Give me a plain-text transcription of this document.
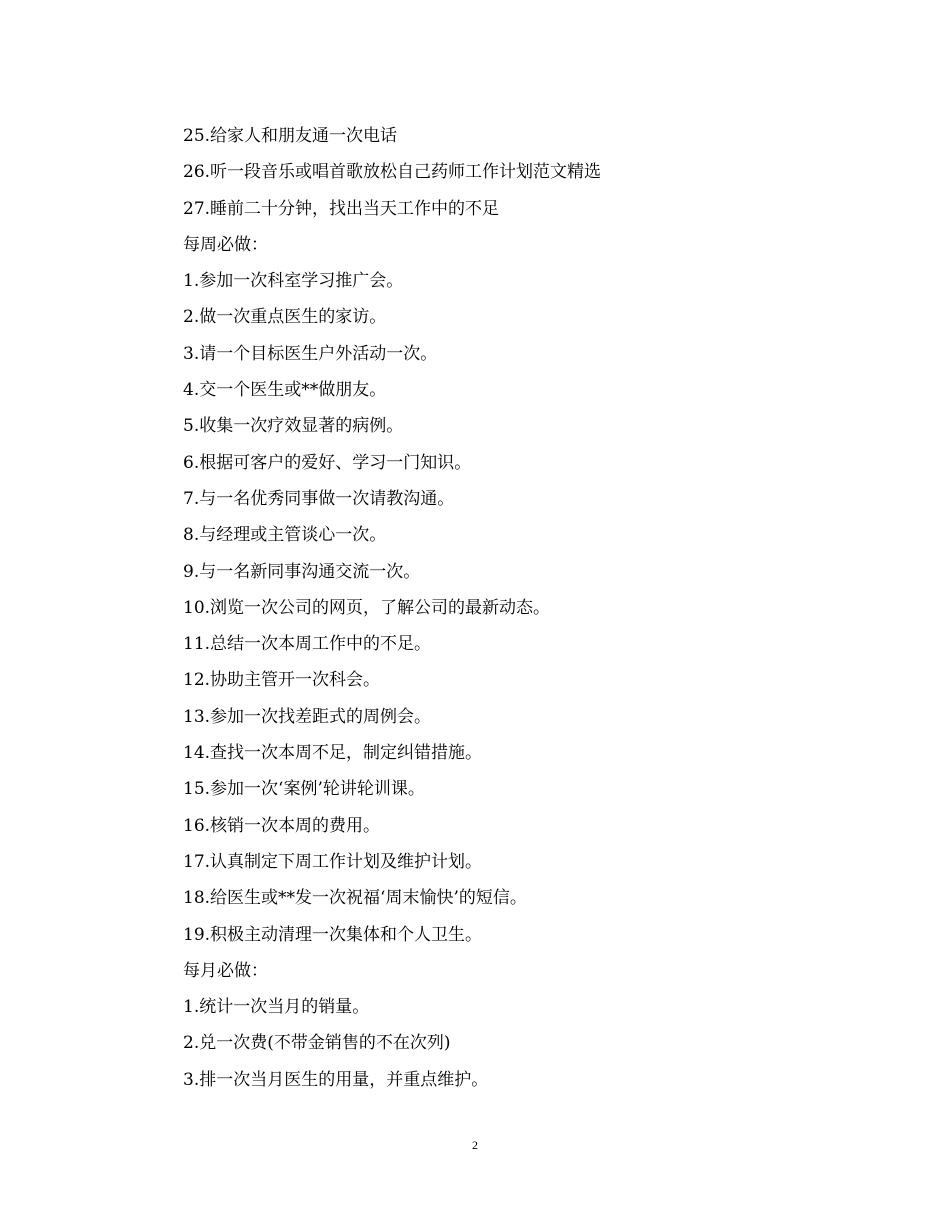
25.给家人和朋友通一次电话
26.听一段音乐或唱首歌放松自己药师工作计划范文精选
27.睡前二十分钟，找出当天工作中的不足
每周必做：
1.参加一次科室学习推广会。
2.做一次重点医生的家访。
3.请一个目标医生户外活动一次。
4.交一个医生或**做朋友。
5.收集一次疗效显著的病例。
6.根据可客户的爱好、学习一门知识。
7.与一名优秀同事做一次请教沟通。
8.与经理或主管谈心一次。
9.与一名新同事沟通交流一次。
10.浏览一次公司的网页，了解公司的最新动态。
11.总结一次本周工作中的不足。
12.协助主管开一次科会。
13.参加一次找差距式的周例会。
14.查找一次本周不足，制定纠错措施。
15.参加一次‘案例’轮讲轮训课。
16.核销一次本周的费用。
17.认真制定下周工作计划及维护计划。
18.给医生或**发一次祝福‘周末愉快’的短信。
19.积极主动清理一次集体和个人卫生。
每月必做：
1.统计一次当月的销量。
2.兑一次费(不带金销售的不在次列)
3.排一次当月医生的用量，并重点维护。
2
